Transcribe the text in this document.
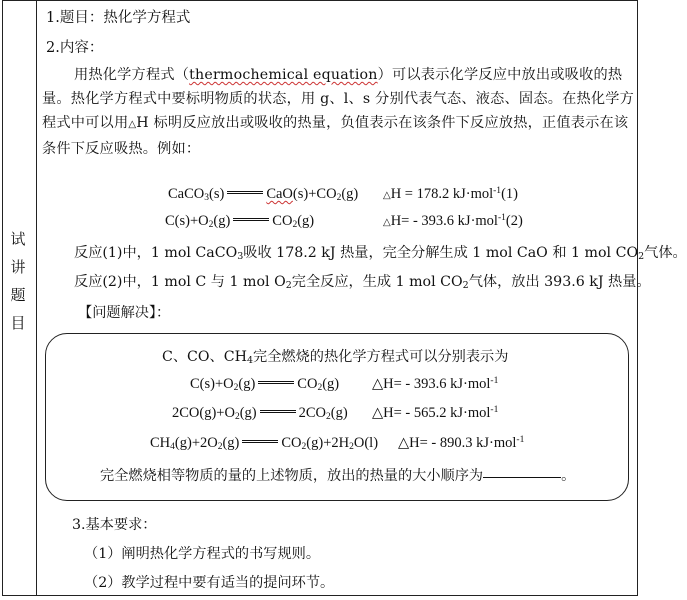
试
讲
题
目
1.题目：热化学方程式
2.内容：
用热化学方程式（thermochemical equation）可以表示化学反应中放出或吸收的热量。热化学方程式中要标明物质的状态，用 g、l、s 分别代表气态、液态、固态。在热化学方程式中可以用△H 标明反应放出或吸收的热量，负值表示在该条件下反应放热，正值表示在该条件下反应吸热。例如：
CaCO$_3$(s)	$CaO(s)+CO_2(g)$ △H = 178.2 kJ·mol$^{-1}$(1)
$C(s)+O_2(g)$	$CO_2(g)$	△H= - 393.6 kJ·mol$^{-1}$(2)
反应(1)中，1 mol CaCO$_3$吸收 178.2 kJ 热量，完全分解生成 1 mol CaO 和 1 mol $CO_2$气体。
反应(2)中，1 mol C 与 1 mol $O_2$完全反应，生成 1 mol $CO_2$气体，放出 393.6 kJ 热量。
【问题解决】：
C、CO、$CH_4$完全燃烧的热化学方程式可以分别表示为
$C(s)+O_2(g)$	$CO_2(g)$ △H= - 393.6 kJ·mol$^{-1}$
$2CO(g)+O_2(g)$	$2CO_2(g)$ △H= - 565.2 kJ·mol$^{-1}$
$CH_4(g)+2O_2(g)$	$CO_2(g)+2H_2O(l)$ △H= - 890.3 kJ·mol$^{-1}$
完全燃烧相等物质的量的上述物质，放出的热量的大小顺序为	。
3.基本要求：
（1）阐明热化学方程式的书写规则。
（2）教学过程中要有适当的提问环节。
